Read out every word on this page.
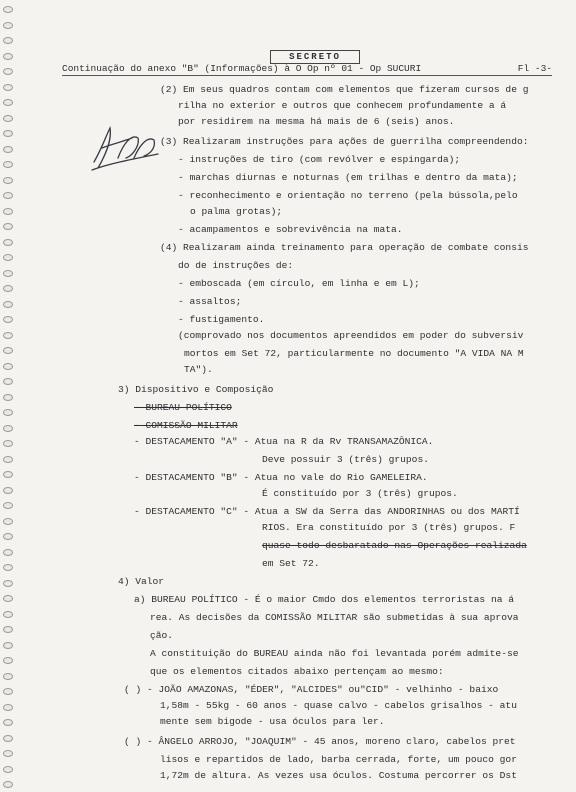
SECRETO
Continuação do anexo "B" (Informações) à O Op nº 01 - Op SUCURI	Fl -3-
(2) Em seus quadros contam com elementos que fizeram cursos de g
rilha no exterior e outros que conhecem profundamente a á
por residirem na mesma há mais de 6 (seis) anos.
(3) Realizaram instruções para ações de guerrilha compreendendo:
- instruções de tiro (com revólver e espingarda);
- marchas diurnas e noturnas (em trilhas e dentro da mata);
- reconhecimento e orientação no terreno (pela bússola,pelo
o palma grotas);
- acampamentos e sobrevivência na mata.
(4) Realizaram ainda treinamento para operação de combate consis
do de instruções de:
- emboscada (em círculo, em linha e em L);
- assaltos;
- fustigamento.
(comprovado nos documentos apreendidos em poder do subversiv
mortos em Set 72, particularmente no documento "A VIDA NA M
TA").
3) Dispositivo e Composição
- BUREAU POLÍTICO
- COMISSÃO MILITAR
- DESTACAMENTO "A" - Atua na R da Rv TRANSAMAZÔNICA.
Deve possuir 3 (três) grupos.
- DESTACAMENTO "B" - Atua no vale do Rio GAMELEIRA.
É constituído por 3 (três) grupos.
- DESTACAMENTO "C" - Atua a SW da Serra das ANDORINHAS ou dos MARTÍ
RIOS. Era constituído por 3 (três) grupos. F
quase todo desbaratado nas Operações realizada
em Set 72.
4) Valor
a) BUREAU POLÍTICO - É o maior Cmdo dos elementos terroristas na á
rea. As decisões da COMISSÃO MILITAR são submetidas à sua aprova
ção.
A constituição do BUREAU ainda não foi levantada porém admite-se
que os elementos citados abaixo pertençam ao mesmo:
( ) - JOÃO AMAZONAS, "ÉDER", "ALCIDES" ou"CID" - velhinho - baixo
1,58m - 55kg - 60 anos - quase calvo - cabelos grisalhos - atu
mente sem bigode - usa óculos para ler.
( ) - ÂNGELO ARROJO, "JOAQUIM" - 45 anos, moreno claro, cabelos pret
lisos e repartidos de lado, barba cerrada, forte, um pouco gor
1,72m de altura. As vezes usa óculos. Costuma percorrer os Dst
